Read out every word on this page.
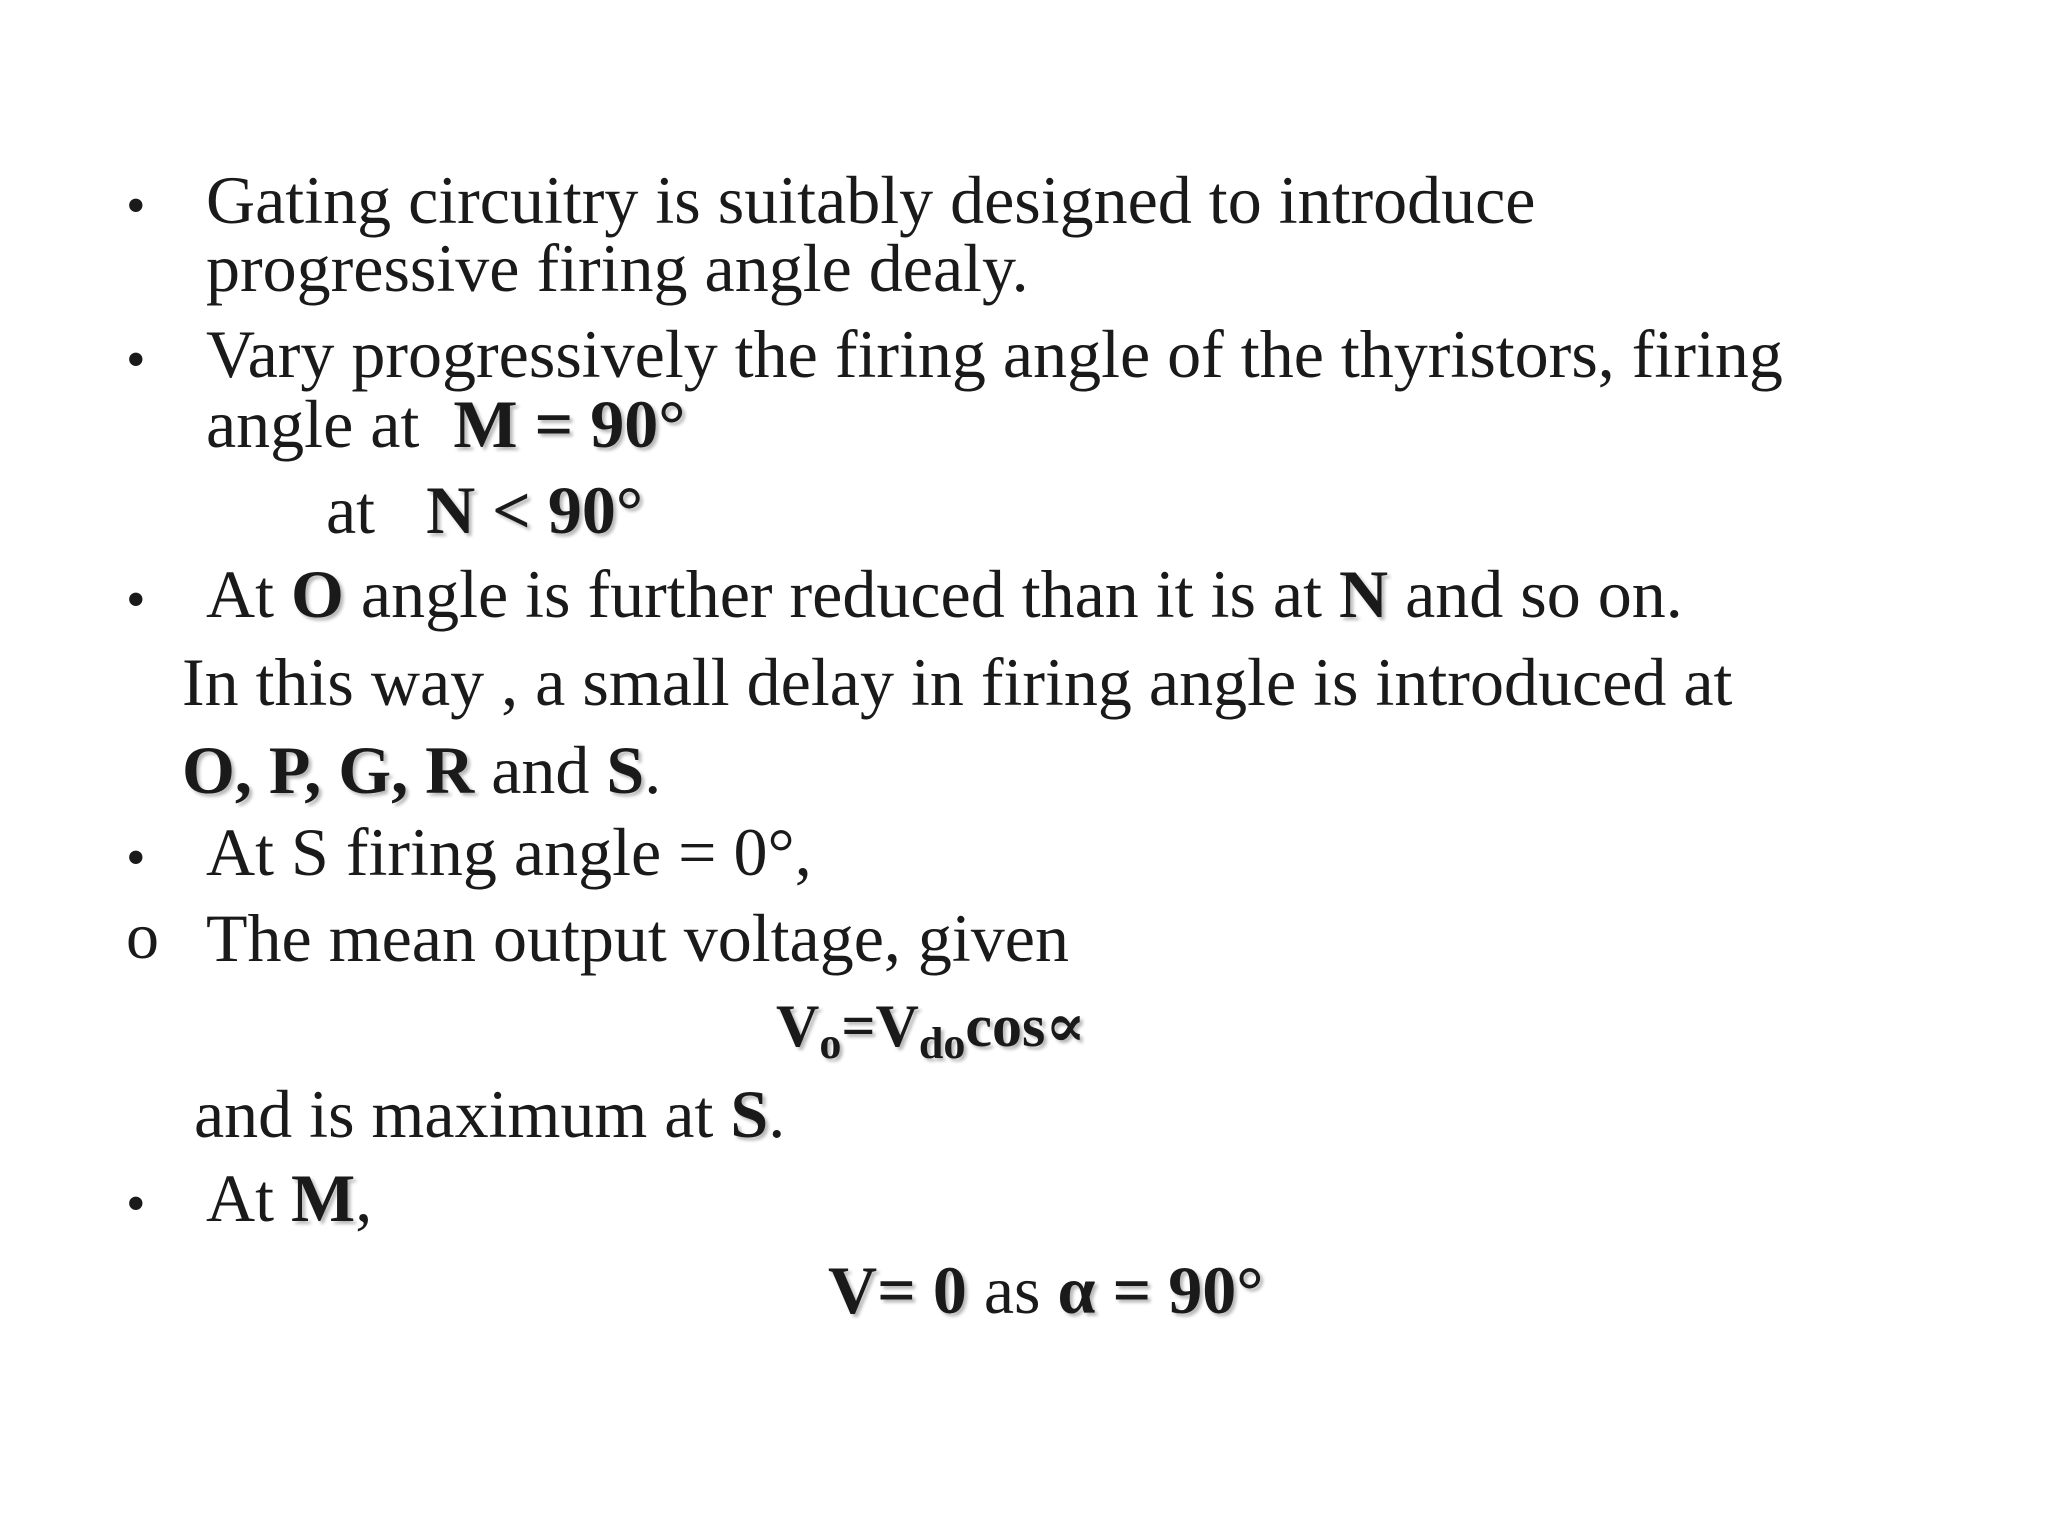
• Gating circuitry is suitably designed to introduce
progressive firing angle dealy.
• Vary progressively the firing angle of the thyristors, firing
angle at M = 90°
at N < 90°
• At O angle is further reduced than it is at N and so on.
In this way , a small delay in firing angle is introduced at
O, P, G, R and S.
• At S firing angle = 0°,
o The mean output voltage, given
$V_o=V_{do}\cos\propto$
and is maximum at S.
• At M,
V= 0 as α = 90°
